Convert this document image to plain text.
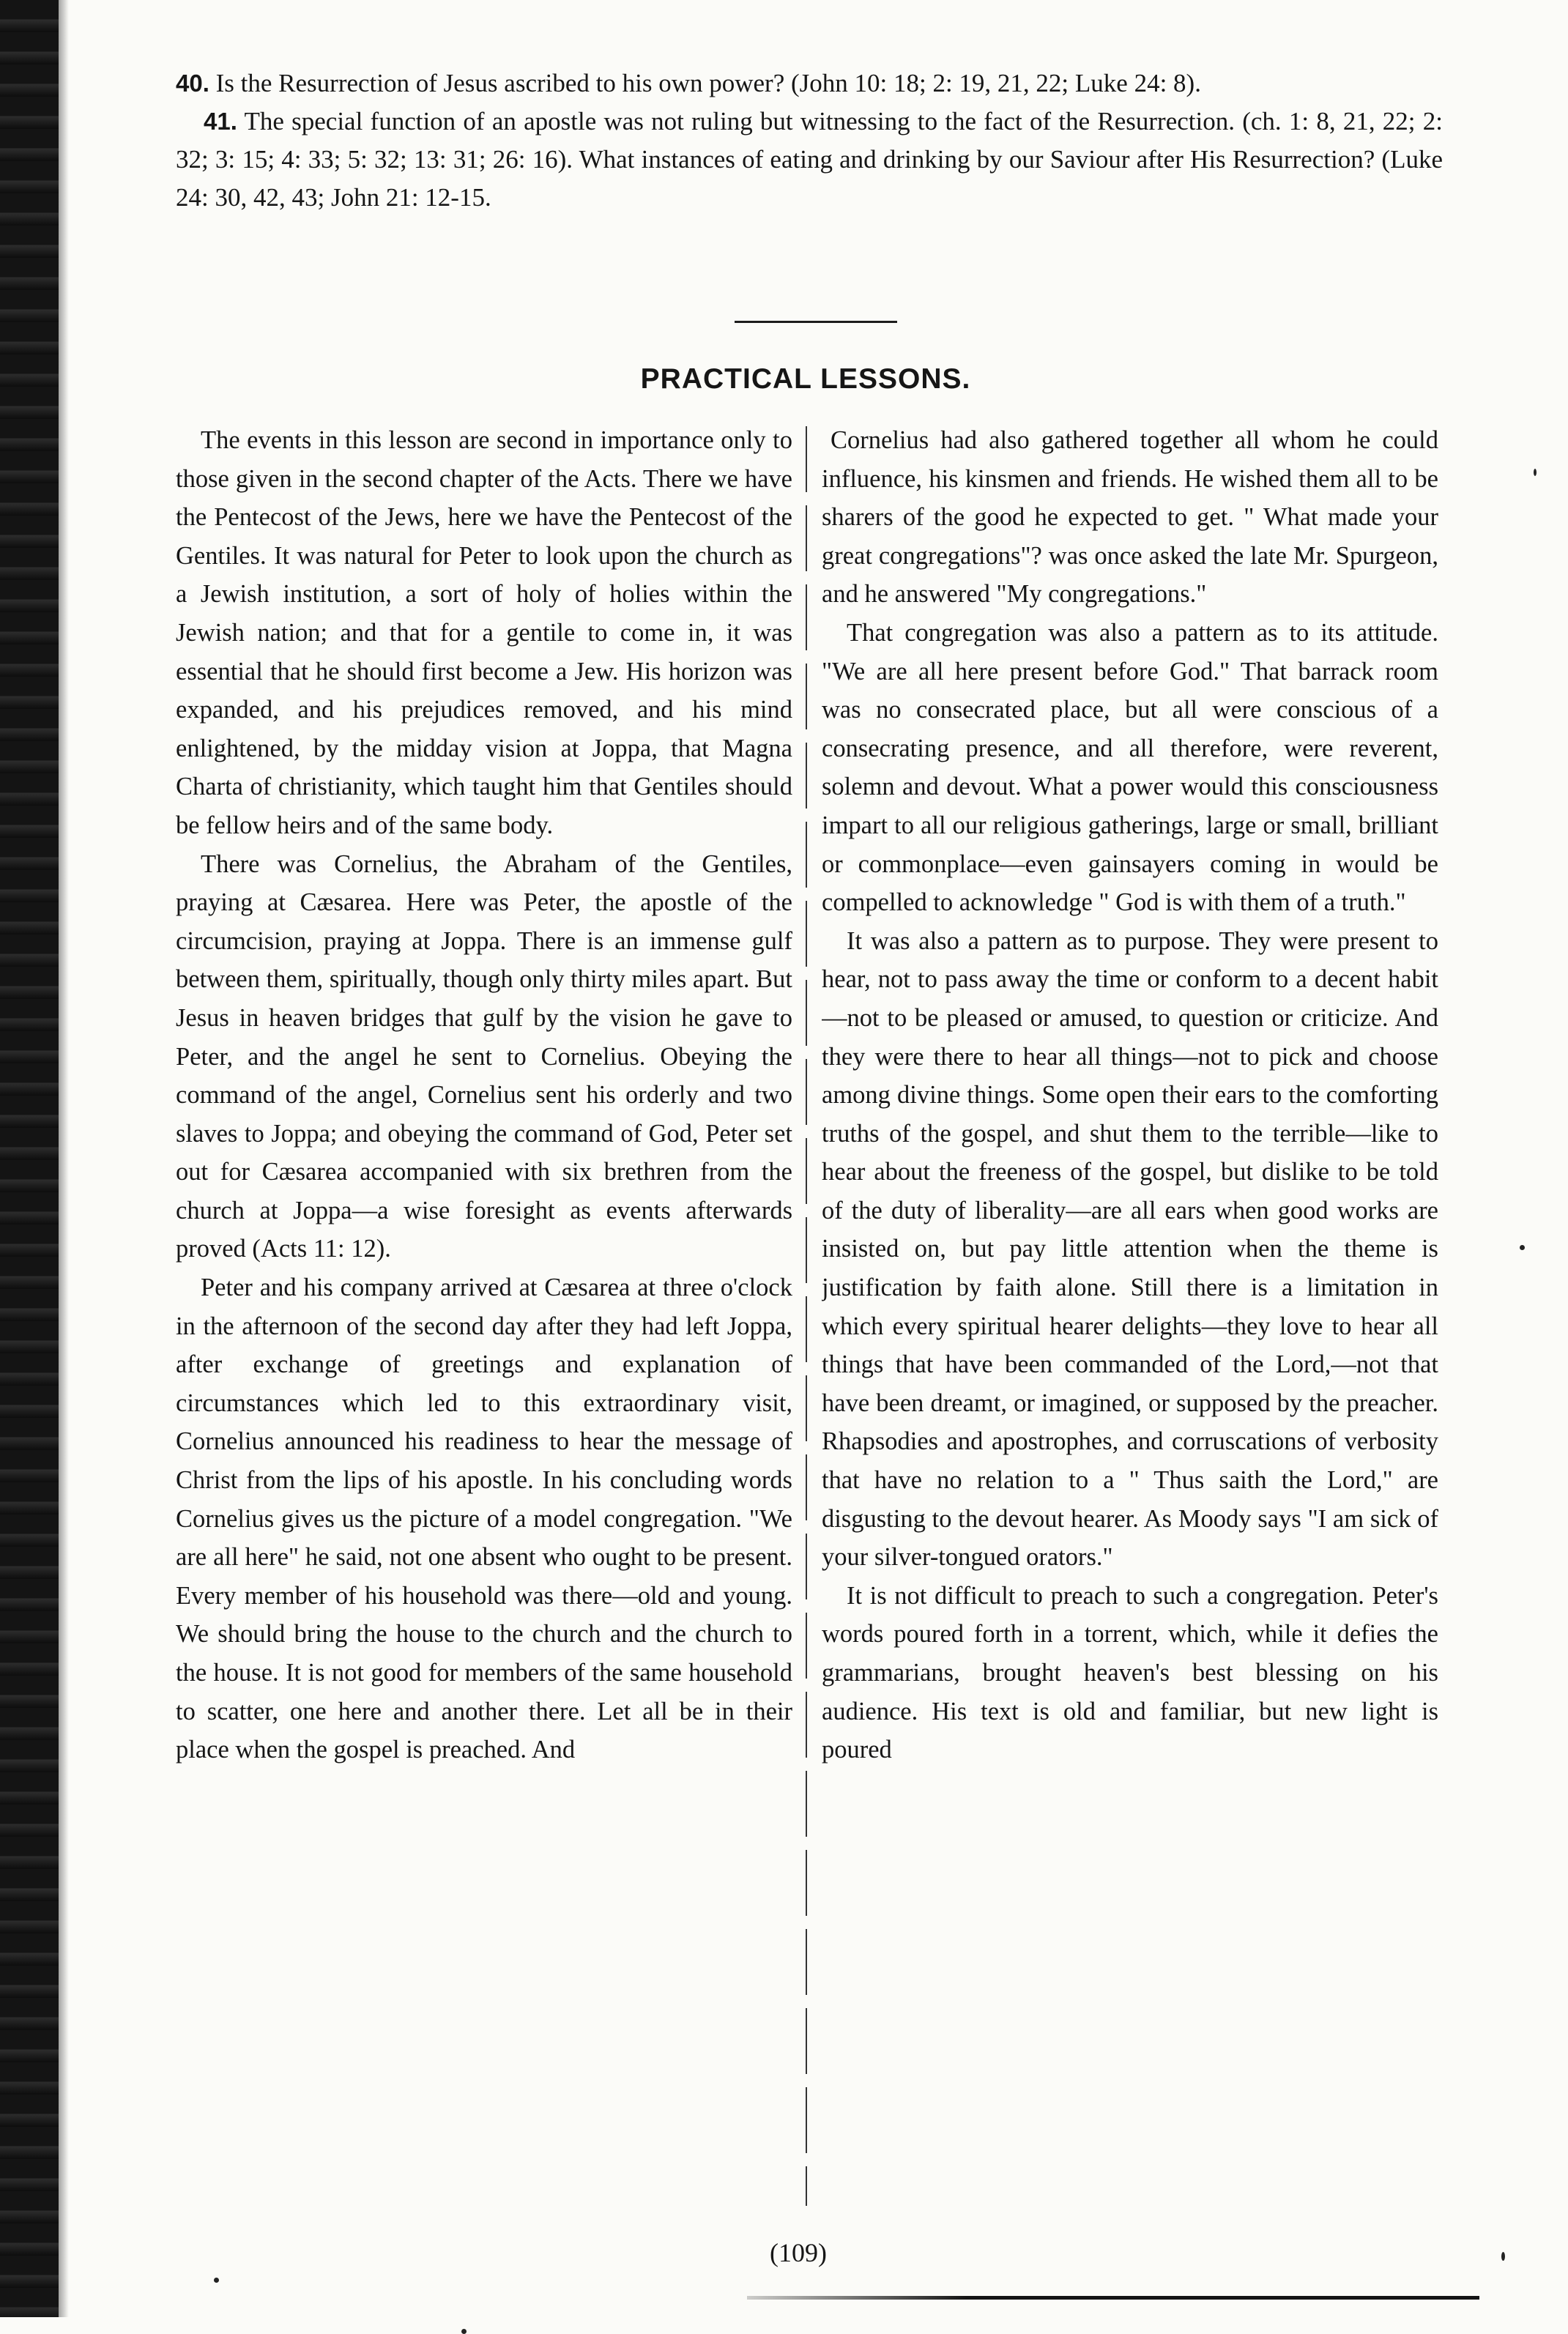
40. Is the Resurrection of Jesus ascribed to his own power? (John 10: 18; 2: 19, 21, 22; Luke 24: 8).

41. The special function of an apostle was not ruling but witnessing to the fact of the Resurrection. (ch. 1: 8, 21, 22; 2: 32; 3: 15; 4: 33; 5: 32; 13: 31; 26: 16). What instances of eating and drinking by our Saviour after His Resurrection? (Luke 24: 30, 42, 43; John 21: 12-15.

PRACTICAL LESSONS.

The events in this lesson are second in importance only to those given in the second chapter of the Acts. There we have the Pentecost of the Jews, here we have the Pentecost of the Gentiles. It was natural for Peter to look upon the church as a Jewish institution, a sort of holy of holies within the Jewish nation; and that for a gentile to come in, it was essential that he should first become a Jew. His horizon was expanded, and his prejudices removed, and his mind enlightened, by the midday vision at Joppa, that Magna Charta of christianity, which taught him that Gentiles should be fellow heirs and of the same body.

There was Cornelius, the Abraham of the Gentiles, praying at Cæsarea. Here was Peter, the apostle of the circumcision, praying at Joppa. There is an immense gulf between them, spiritually, though only thirty miles apart. But Jesus in heaven bridges that gulf by the vision he gave to Peter, and the angel he sent to Cornelius. Obeying the command of the angel, Cornelius sent his orderly and two slaves to Joppa; and obeying the command of God, Peter set out for Cæsarea accompanied with six brethren from the church at Joppa—a wise foresight as events afterwards proved (Acts 11: 12).

Peter and his company arrived at Cæsarea at three o'clock in the afternoon of the second day after they had left Joppa, after exchange of greetings and explanation of circumstances which led to this extraordinary visit, Cornelius announced his readiness to hear the message of Christ from the lips of his apostle. In his concluding words Cornelius gives us the picture of a model congregation. "We are all here" he said, not one absent who ought to be present. Every member of his household was there—old and young. We should bring the house to the church and the church to the house. It is not good for members of the same household to scatter, one here and another there. Let all be in their place when the gospel is preached. And

Cornelius had also gathered together all whom he could influence, his kinsmen and friends. He wished them all to be sharers of the good he expected to get. " What made your great congregations"? was once asked the late Mr. Spurgeon, and he answered "My congregations."

That congregation was also a pattern as to its attitude. "We are all here present before God." That barrack room was no consecrated place, but all were conscious of a consecrating presence, and all therefore, were reverent, solemn and devout. What a power would this consciousness impart to all our religious gatherings, large or small, brilliant or commonplace—even gainsayers coming in would be compelled to acknowledge " God is with them of a truth."

It was also a pattern as to purpose. They were present to hear, not to pass away the time or conform to a decent habit—not to be pleased or amused, to question or criticize. And they were there to hear all things—not to pick and choose among divine things. Some open their ears to the comforting truths of the gospel, and shut them to the terrible—like to hear about the freeness of the gospel, but dislike to be told of the duty of liberality—are all ears when good works are insisted on, but pay little attention when the theme is justification by faith alone. Still there is a limitation in which every spiritual hearer delights—they love to hear all things that have been commanded of the Lord,—not that have been dreamt, or imagined, or supposed by the preacher. Rhapsodies and apostrophes, and corruscations of verbosity that have no relation to a " Thus saith the Lord," are disgusting to the devout hearer. As Moody says "I am sick of your silver-tongued orators."

It is not difficult to preach to such a congregation. Peter's words poured forth in a torrent, which, while it defies the grammarians, brought heaven's best blessing on his audience. His text is old and familiar, but new light is poured

(109)
